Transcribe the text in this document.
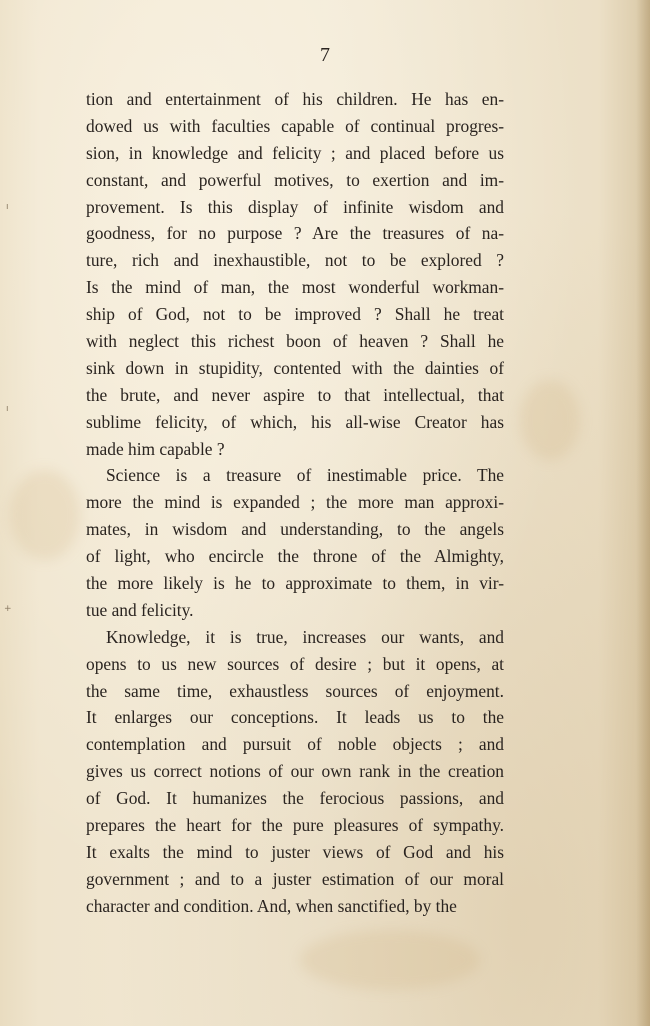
ı
ı
+

7

tion and entertainment of his children. He has en-
dowed us with faculties capable of continual progres-
sion, in knowledge and felicity ; and placed before us
constant, and powerful motives, to exertion and im-
provement. Is this display of infinite wisdom and
goodness, for no purpose ? Are the treasures of na-
ture, rich and inexhaustible, not to be explored ?
Is the mind of man, the most wonderful workman-
ship of God, not to be improved ? Shall he treat
with neglect this richest boon of heaven ? Shall he
sink down in stupidity, contented with the dainties of
the brute, and never aspire to that intellectual, that
sublime felicity, of which, his all-wise Creator has
made him capable ?
Science is a treasure of inestimable price. The
more the mind is expanded ; the more man approxi-
mates, in wisdom and understanding, to the angels
of light, who encircle the throne of the Almighty,
the more likely is he to approximate to them, in vir-
tue and felicity.
Knowledge, it is true, increases our wants, and
opens to us new sources of desire ; but it opens, at
the same time, exhaustless sources of enjoyment.
It enlarges our conceptions. It leads us to the
contemplation and pursuit of noble objects ; and
gives us correct notions of our own rank in the creation
of God. It humanizes the ferocious passions, and
prepares the heart for the pure pleasures of sympathy.
It exalts the mind to juster views of God and his
government ; and to a juster estimation of our moral
character and condition. And, when sanctified, by the
